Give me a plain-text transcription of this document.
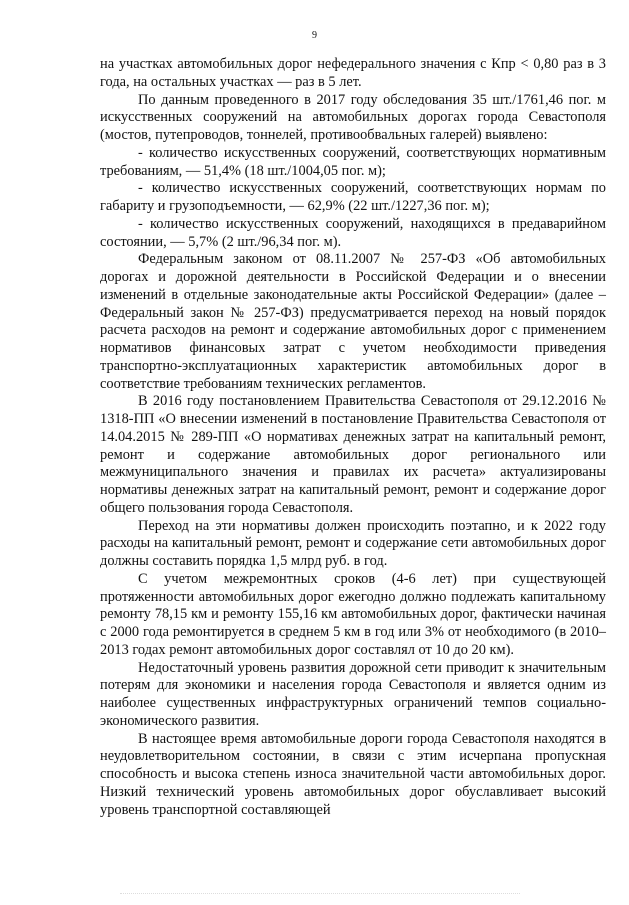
9

на участках автомобильных дорог нефедерального значения с Кпр < 0,80 раз в 3 года, на остальных участках — раз в 5 лет.

По данным проведенного в 2017 году обследования 35 шт./1761,46 пог. м искусственных сооружений на автомобильных дорогах города Севастополя (мостов, путепроводов, тоннелей, противообвальных галерей) выявлено:

- количество искусственных сооружений, соответствующих нормативным требованиям, — 51,4% (18 шт./1004,05 пог. м);

- количество искусственных сооружений, соответствующих нормам по габариту и грузоподъемности, — 62,9% (22 шт./1227,36 пог. м);

- количество искусственных сооружений, находящихся в предаварийном состоянии, — 5,7% (2 шт./96,34 пог. м).

Федеральным законом от 08.11.2007 № 257-ФЗ «Об автомобильных дорогах и дорожной деятельности в Российской Федерации и о внесении изменений в отдельные законодательные акты Российской Федерации» (далее – Федеральный закон № 257-ФЗ) предусматривается переход на новый порядок расчета расходов на ремонт и содержание автомобильных дорог с применением нормативов финансовых затрат с учетом необходимости приведения транспортно-эксплуатационных характеристик автомобильных дорог в соответствие требованиям технических регламентов.

В 2016 году постановлением Правительства Севастополя от 29.12.2016 № 1318-ПП «О внесении изменений в постановление Правительства Севастополя от 14.04.2015 № 289-ПП «О нормативах денежных затрат на капитальный ремонт, ремонт и содержание автомобильных дорог регионального или межмуниципального значения и правилах их расчета» актуализированы нормативы денежных затрат на капитальный ремонт, ремонт и содержание дорог общего пользования города Севастополя.

Переход на эти нормативы должен происходить поэтапно, и к 2022 году расходы на капитальный ремонт, ремонт и содержание сети автомобильных дорог должны составить порядка 1,5 млрд руб. в год.

С учетом межремонтных сроков (4-6 лет) при существующей протяженности автомобильных дорог ежегодно должно подлежать капитальному ремонту 78,15 км и ремонту 155,16 км автомобильных дорог, фактически начиная с 2000 года ремонтируется в среднем 5 км в год или 3% от необходимого (в 2010–2013 годах ремонт автомобильных дорог составлял от 10 до 20 км).

Недостаточный уровень развития дорожной сети приводит к значительным потерям для экономики и населения города Севастополя и является одним из наиболее существенных инфраструктурных ограничений темпов социально-экономического развития.

В настоящее время автомобильные дороги города Севастополя находятся в неудовлетворительном состоянии, в связи с этим исчерпана пропускная способность и высока степень износа значительной части автомобильных дорог. Низкий технический уровень автомобильных дорог обуславливает высокий уровень транспортной составляющей
